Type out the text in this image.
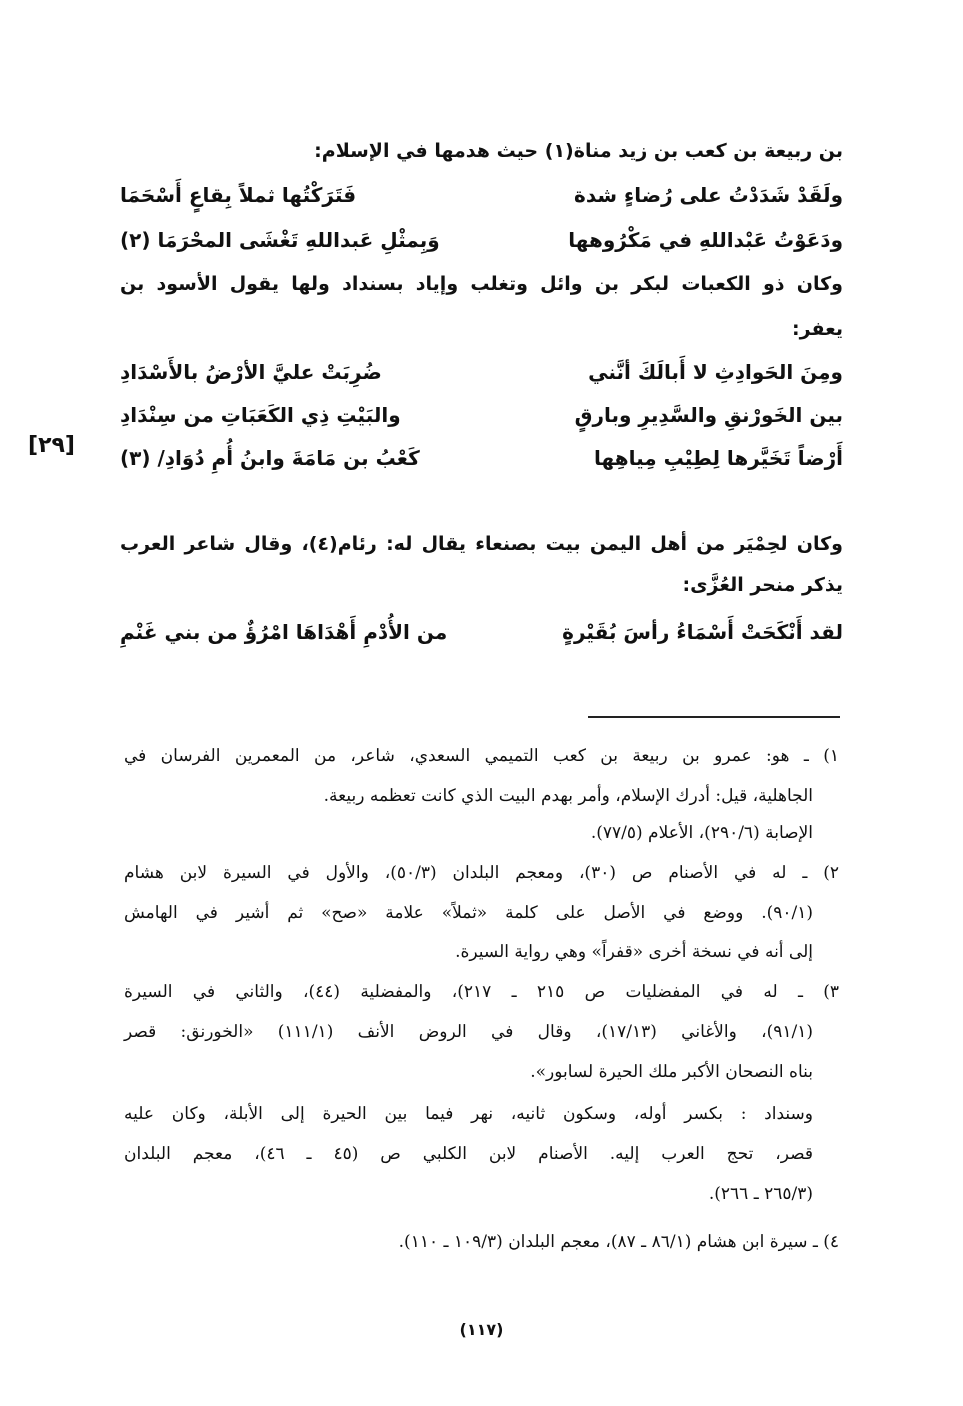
بن ربيعة بن كعب بن زيد مناة(١) حيث هدمها في الإسلام:
ولَقَدْ شَدَدْتُ على رُضاءٍ شدة
فَتَرَكْتُها ثملاً بِقاعٍ أَسْحَمَا
ودَعَوْتُ عَبْداللهِ في مَكْرُوهها
وَبِمثْلِ عَبداللهِ تَغْشَى المحْرَمَا (٢)
وكان ذو الكعبات لبكر بن وائل وتغلب وإياد بسنداد ولها يقول الأسود بن
يعفر:
ومِنَ الحَوادِثِ لا أَبالَكَ أنَّني
ضُرِبَتْ عليَّ الأرْضُ بالأَسْدَادِ
بين الخَورْنقِ والسَّدِيرِ وبارقٍ
والبَيْتِ ذِي الكَعَبَاتِ من سِنْدَادِ
أَرْضاً تَخَيَّرها لِطِيْبِ مِياهِها
كَعْبُ بن مَامَةَ وابنُ أُمِ دُوَادِ/ (٣)
[٢٩]
وكان لحِمْيَر من أهل اليمن بيت بصنعاء يقال له: رئام(٤)، وقال شاعر العرب
يذكر منحر العُزَّى:
لقد أَنْكَحَتْ أَسْمَاءُ رأسَ بُقَيْرةٍ
من الأُدْمِ أَهْدَاهَا امْرُؤٌ من بني غَنْمِ
١) ـ هو: عمرو بن ربيعة بن كعب التميمي السعدي، شاعر، من المعمرين الفرسان في
الجاهلية، قيل: أدرك الإسلام، وأمر بهدم البيت الذي كانت تعظمه ربيعة.
الإصابة (٢٩٠/٦)، الأعلام (٧٧/٥).
٢) ـ له في الأصنام ص (٣٠)، ومعجم البلدان (٥٠/٣)، والأول في السيرة لابن هشام
(٩٠/١). ووضع في الأصل على كلمة «ثملاً» علامة «صح» ثم أشير في الهامش
إلى أنه في نسخة أخرى «قفراً» وهي رواية السيرة.
٣) ـ له في المفضليات ص ٢١٥ ـ ٢١٧)، والمفضلية (٤٤)، والثاني في السيرة
(٩١/١)، والأغاني (١٧/١٣)، وقال في الروض الأنف (١١١/١) «الخورنق: قصر
بناه النصحان الأكبر ملك الحيرة لسابور».
وسنداد : بكسر أوله، وسكون ثانيه، نهر فيما بين الحيرة إلى الأبلة، وكان عليه
قصر، تحج العرب إليه. الأصنام لابن الكلبي ص (٤٥ ـ ٤٦)، معجم البلدان
(٢٦٥/٣ ـ ٢٦٦).
٤) ـ سيرة ابن هشام (٨٦/١ ـ ٨٧)، معجم البلدان (١٠٩/٣ ـ ١١٠).
(١١٧)
